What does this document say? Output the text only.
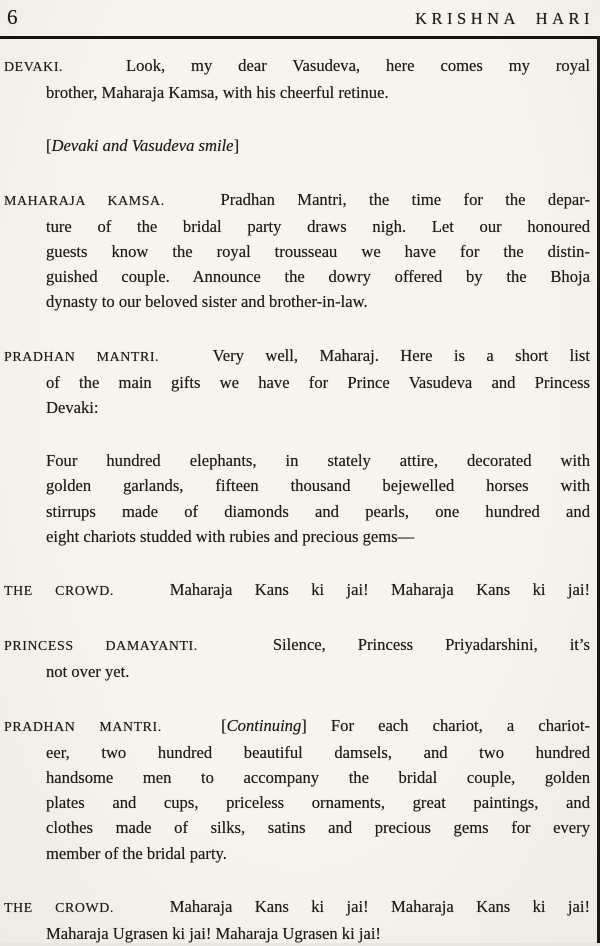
6	KRISHNA HARI
DEVAKI.	Look, my dear Vasudeva, here comes my royal
brother, Maharaja Kamsa, with his cheerful retinue.
[Devaki and Vasudeva smile]
MAHARAJA KAMSA.	Pradhan Mantri, the time for the depar-
ture of the bridal party draws nigh. Let our honoured
guests know the royal trousseau we have for the distin-
guished couple. Announce the dowry offered by the Bhoja
dynasty to our beloved sister and brother-in-law.
PRADHAN MANTRI.	Very well, Maharaj. Here is a short list
of the main gifts we have for Prince Vasudeva and Princess
Devaki:
Four hundred elephants, in stately attire, decorated with
golden garlands, fifteen thousand bejewelled horses with
stirrups made of diamonds and pearls, one hundred and
eight chariots studded with rubies and precious gems—
THE CROWD.	Maharaja Kans ki jai! Maharaja Kans ki jai!
PRINCESS DAMAYANTI.	Silence, Princess Priyadarshini, it’s
not over yet.
PRADHAN MANTRI.	[Continuing] For each chariot, a chariot-
eer, two hundred beautiful damsels, and two hundred
handsome men to accompany the bridal couple, golden
plates and cups, priceless ornaments, great paintings, and
clothes made of silks, satins and precious gems for every
member of the bridal party.
THE CROWD.	Maharaja Kans ki jai! Maharaja Kans ki jai!
Maharaja Ugrasen ki jai! Maharaja Ugrasen ki jai!
